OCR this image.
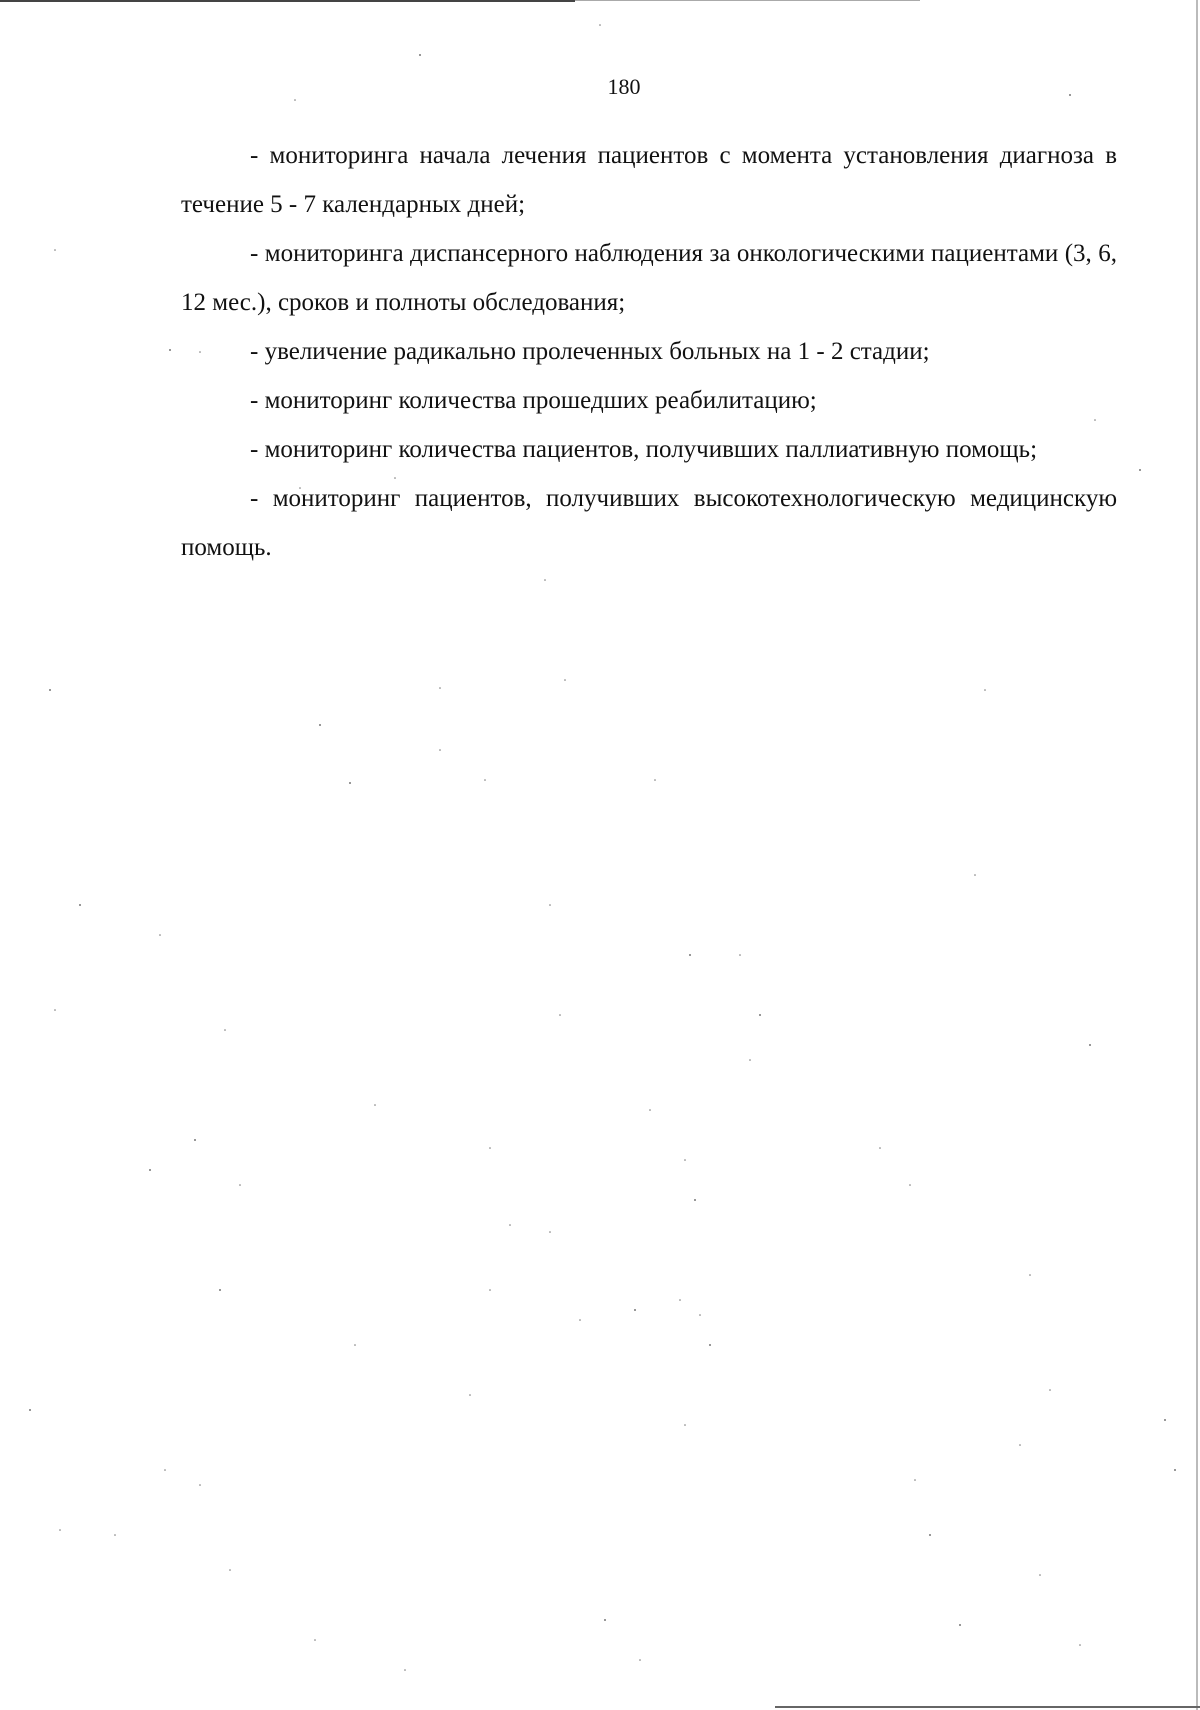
180

- мониторинга начала лечения пациентов с момента установления диагноза в течение 5 - 7 календарных дней;

- мониторинга диспансерного наблюдения за онкологическими пациентами (3, 6, 12 мес.), сроков и полноты обследования;

- увеличение радикально пролеченных больных на 1 - 2 стадии;

- мониторинг количества прошедших реабилитацию;

- мониторинг количества пациентов, получивших паллиативную помощь;

- мониторинг пациентов, получивших высокотехнологическую медицинскую помощь.
